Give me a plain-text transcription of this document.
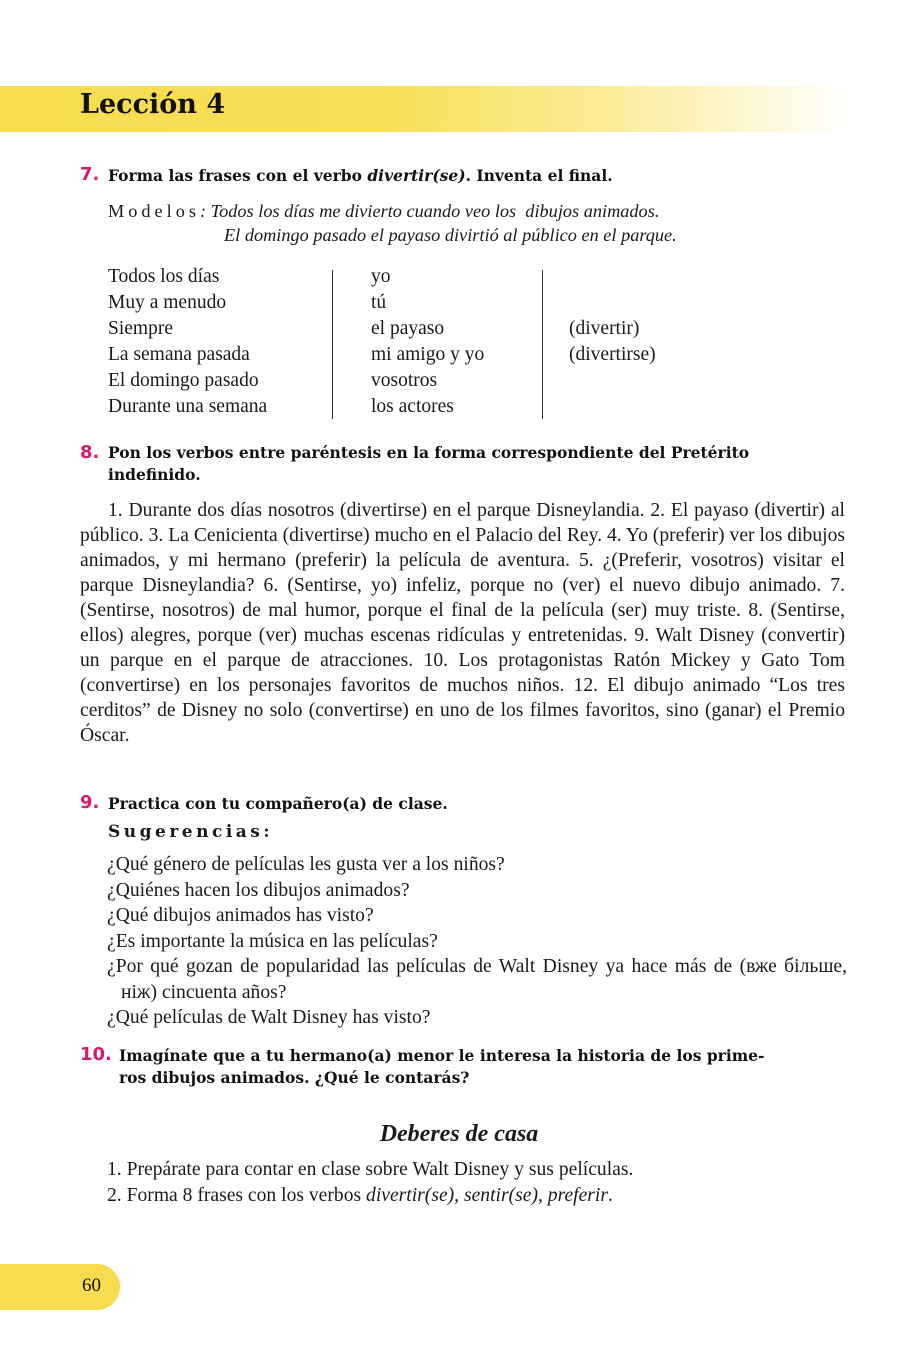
Lección 4
7. Forma las frases con el verbo divertir(se). Inventa el final.
Modelos: Todos los días me divierto cuando veo los  dibujos animados.
El domingo pasado el payaso divirtió al público en el parque.
Todos los días
Muy a menudo
Siempre
La semana pasada
El domingo pasado
Durante una semana
yo
tú
el payaso
mi amigo y yo
vosotros
los actores
(divertir)
(divertirse)
8. Pon los verbos entre paréntesis en la forma correspondiente del Pretérito
indefinido.

1. Durante dos días nosotros (divertirse) en el parque Disneylandia. 2. El payaso (divertir) al público. 3. La Cenicienta (divertirse) mucho en el Palacio del Rey. 4. Yo (preferir) ver los dibujos animados, y mi hermano (preferir) la película de aventura. 5. ¿(Preferir, vosotros) visitar el parque Disneylandia? 6. (Sentirse, yo) infeliz, porque no (ver) el nuevo dibujo animado. 7. (Sentirse, nosotros) de mal humor, porque el final de la película (ser) muy triste. 8. (Sentirse, ellos) alegres, porque (ver) muchas escenas ridículas y entretenidas. 9. Walt Disney (convertir) un parque en el parque de atracciones. 10. Los protagonistas Ratón Mickey y Gato Tom (convertirse) en los personajes favoritos de muchos niños. 12. El dibujo animado “Los tres cerditos” de Disney no solo (convertirse) en uno de los filmes favoritos, sino (ganar) el Premio Óscar.

9. Practica con tu compañero(a) de clase.
Sugerencias:
¿Qué género de películas les gusta ver a los niños?
¿Quiénes hacen los dibujos animados?
¿Qué dibujos animados has visto?
¿Es importante la música en las películas?
¿Por qué gozan de popularidad las películas de Walt Disney ya hace más de (вже більше, ніж) cincuenta años?
¿Qué películas de Walt Disney has visto?
10. Imagínate que a tu hermano(a) menor le interesa la historia de los prime-
ros dibujos animados. ¿Qué le contarás?
Deberes de casa
1. Prepárate para contar en clase sobre Walt Disney y sus películas.
2. Forma 8 frases con los verbos divertir(se), sentir(se), preferir.
60
